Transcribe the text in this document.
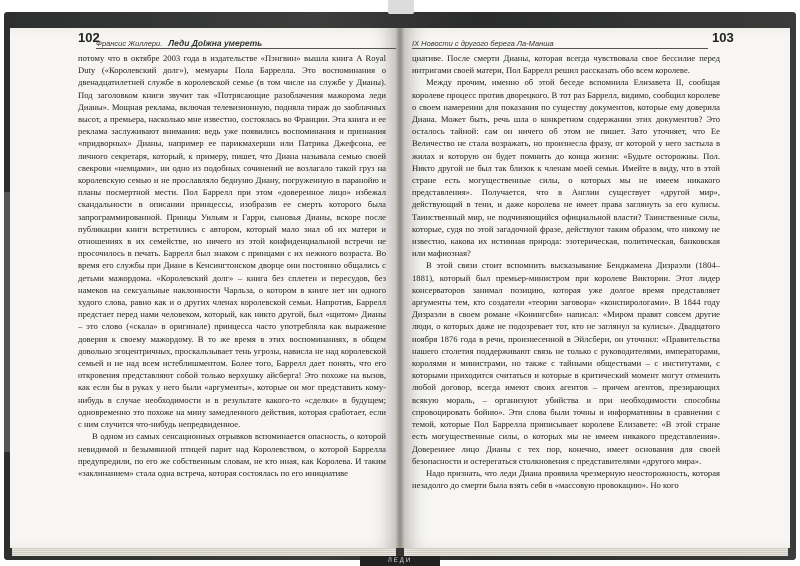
ЛЕДИ
102
Франсис Жиллери. Леди Дolжна умереть

потому что в октябре 2003 года в издательстве «Пэнгвин» вышла книга A Royal Duty («Королевский долг»), мемуары Пола Баррелла. Это воспоминания о двенадцатилетней службе в королевской семье (в том числе на службе у Дианы). Под заголовком книги звучит так «Потрясающие разоблачения мажорома леди Дианы». Мощная реклама, включая телевизионную, подняла тираж до заоблачных высот, а премьера, насколько мне известно, состоялась во Франции. Эта книга и ее реклама заслуживают внимания: ведь уже появились воспоминания и признания «придворных» Дианы, например ее парикмахерши или Патрика Джефсона, ее личного секретаря, который, к примеру, пишет, что Диана называла семью своей свекрови «немцами», ни одно из подобных сочинений не возлагало такой груз на королевскую семью и не прославляло беднуню Диану, погруженную в паранойю и планы посмертной мести. Пол Баррелл при этом «доверенное лицо» избежал скандальности в описании принцессы, изобразив ее смерть которого была запрограммированной. Принцы Уильям и Гарри, сыновья Дианы, вскоре после публикации книги встретились с автором, который мало знал об их матери и отношениях в их семействе, но ничего из этой конфиденциальной встречи не просочилось в печать. Баррелл был знаком с принцами с их нежного возраста. Во время его службы при Диане в Кенсингтонском дворце они постоянно общались с детьми мажордома. «Королевский долг» – книга без сплетен и пересудов, без намеков на сексуальные наклонности Чарльза, о котором в книге нет ни одного худого слова, равно как и о других членах королевской семьи. Напротив, Баррелл предстает перед нами человеком, который, как никто другой, был «щитом» Дианы – это слово («скала» в оригинале) принцесса часто употребляла как выражение доверия к своему мажордому. В то же время в этих воспоминаниях, в общем довольно эгоцентричных, проскальзывает тень угрозы, нависла не над королевской семьей и не над всем истеблишментом. Более того, Баррелл дает понять, что его откровения представляют собой только верхушку айсберга! Это похоже на вызов, как если бы в руках у него были «аргументы», которые он мог представить кому-нибудь в случае необходимости и в результате какого-то «сделки» в будущем; одновременно это похоже на мину замедленного действия, которая сработает, если с ним случится что-нибудь непредвиденное.

В одном из самых сенсационных отрывков вспоминается опасность, о которой невидимой и безымянной птицей парит над Королевством, о которой Баррелла предупредили, по его же собственным словам, не кто иная, как Королева. И таким «заклинанием» стала одна встреча, которая состоялась по его инициативе

103
IX Новости с другого берега Ла-Манша

циативе. После смерти Дианы, которая всегда чувствовала свое бессилие перед интригами своей матери, Пол Баррелл решил рассказать обо всем королеве.

Между прочим, именно об этой беседе вспомнила Елизавета II, сообщая королеве процесс против дворецкого. В тот раз Баррелл, видимо, сообщил королеве о своем намерении для показания по существу документов, которые ему доверила Диана. Может быть, речь шла о конкретном содержании этих документов? Это осталось тайной: сам он ничего об этом не пишет. Зато уточняет, что Ее Величество не стала возражать, но произнесла фразу, от которой у него застыла в жилах и которую он будет помнить до конца жизни: «Будьте осторожны. Пол. Никто другой не был так близок к членам моей семьи. Имейте в виду, что в этой стране есть могущественные силы, о которых мы не имеем никакого представления». Получается, что в Англии существует «другой мир», действующий в тени, и даже королева не имеет права заглянуть за его кулисы. Таинственный мир, не подчиняющийся официальной власти? Таинственные силы, которые, судя по этой загадочной фразе, действуют таким образом, что никому не известно, какова их истинная природа: эзотерическая, политическая, банковская или мафиозная?

В этой связи стоит вспомнить высказывание Бенджамена Дизраэли (1804–1881), который был премьер-министром при королеве Виктории. Этот лидер консерваторов занимал позицию, которая уже долгое время представляет аргументы тем, кто создатели «теории заговора» «конспирологами». В 1844 году Дизраэли в своем романе «Конингсби» написал: «Миром правят совсем другие люди, о которых даже не подозревает тот, кто не заглянул за кулисы». Двадцатого ноября 1876 года в речи, произнесенной в Эйлсбери, он уточнил: «Правительства нашего столетия поддерживают связь не только с руководителями, императорами, королями и министрами, но также с тайными обществами – с институтами, с которыми приходится считаться и которые в критический момент могут отменить любой договор, всегда имеют своих агентов – причем агентов, презирающих всякую мораль, – организуют убийства и при необходимости способны спровоцировать бойню». Эти слова были точны и информативны в сравнении с темой, которые Пол Баррелла приписывает королеве Елизавете: «В этой стране есть могущественные силы, о которых мы не имеем никакого представления». Довереннее лицо Дианы с тех пор, конечно, имеет основания для своей безопасности и остерегаться столкновения с представителями «другого мира».

Надо признать, что леди Диана проявила чрезмерную неосторожность, которая незадолго до смерти была взять себя в «массовую провокацию». Но кого
